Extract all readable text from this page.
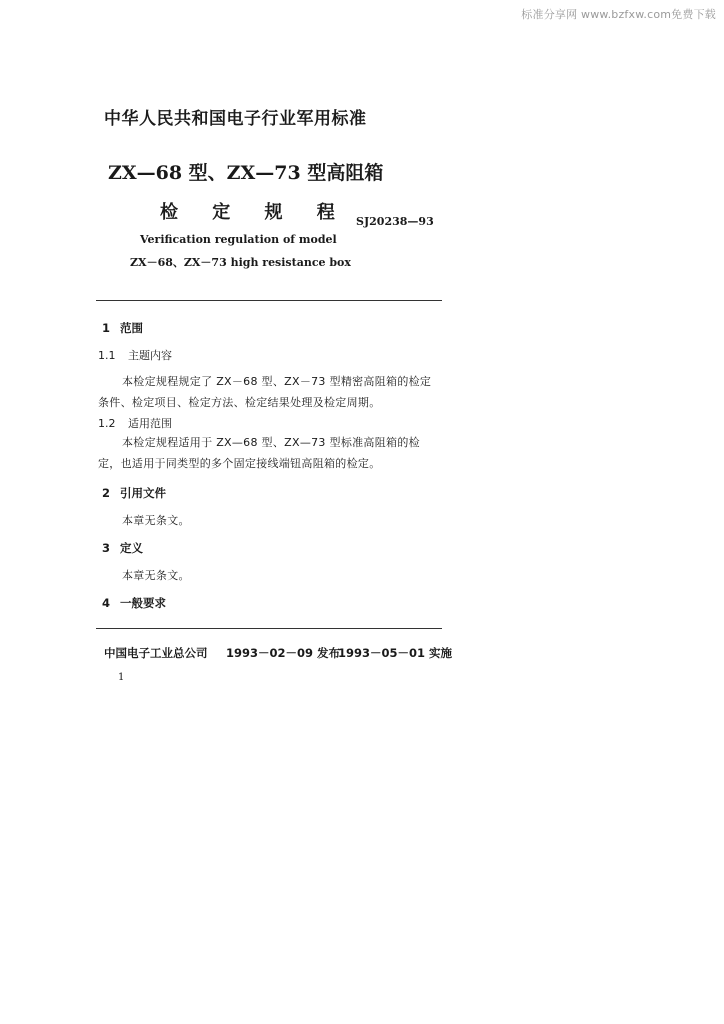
标准分享网 www.bzfxw.com免费下载
中华人民共和国电子行业军用标准
ZX—68 型、ZX—73 型高阻箱
检 定 规 程 SJ20238—93
Verification regulation of model
ZX－68、ZX－73 high resistance box
1 范围
1.1 主题内容
本检定规程规定了 ZX－68 型、ZX－73 型精密高阻箱的检定
条件、检定项目、检定方法、检定结果处理及检定周期。
1.2 适用范围
本检定规程适用于 ZX—68 型、ZX—73 型标准高阻箱的检
定，也适用于同类型的多个固定接线端钮高阻箱的检定。
2 引用文件
本章无条文。
3 定义
本章无条文。
4 一般要求
中国电子工业总公司 1993－02－09 发布
1993－05－01 实施
1
